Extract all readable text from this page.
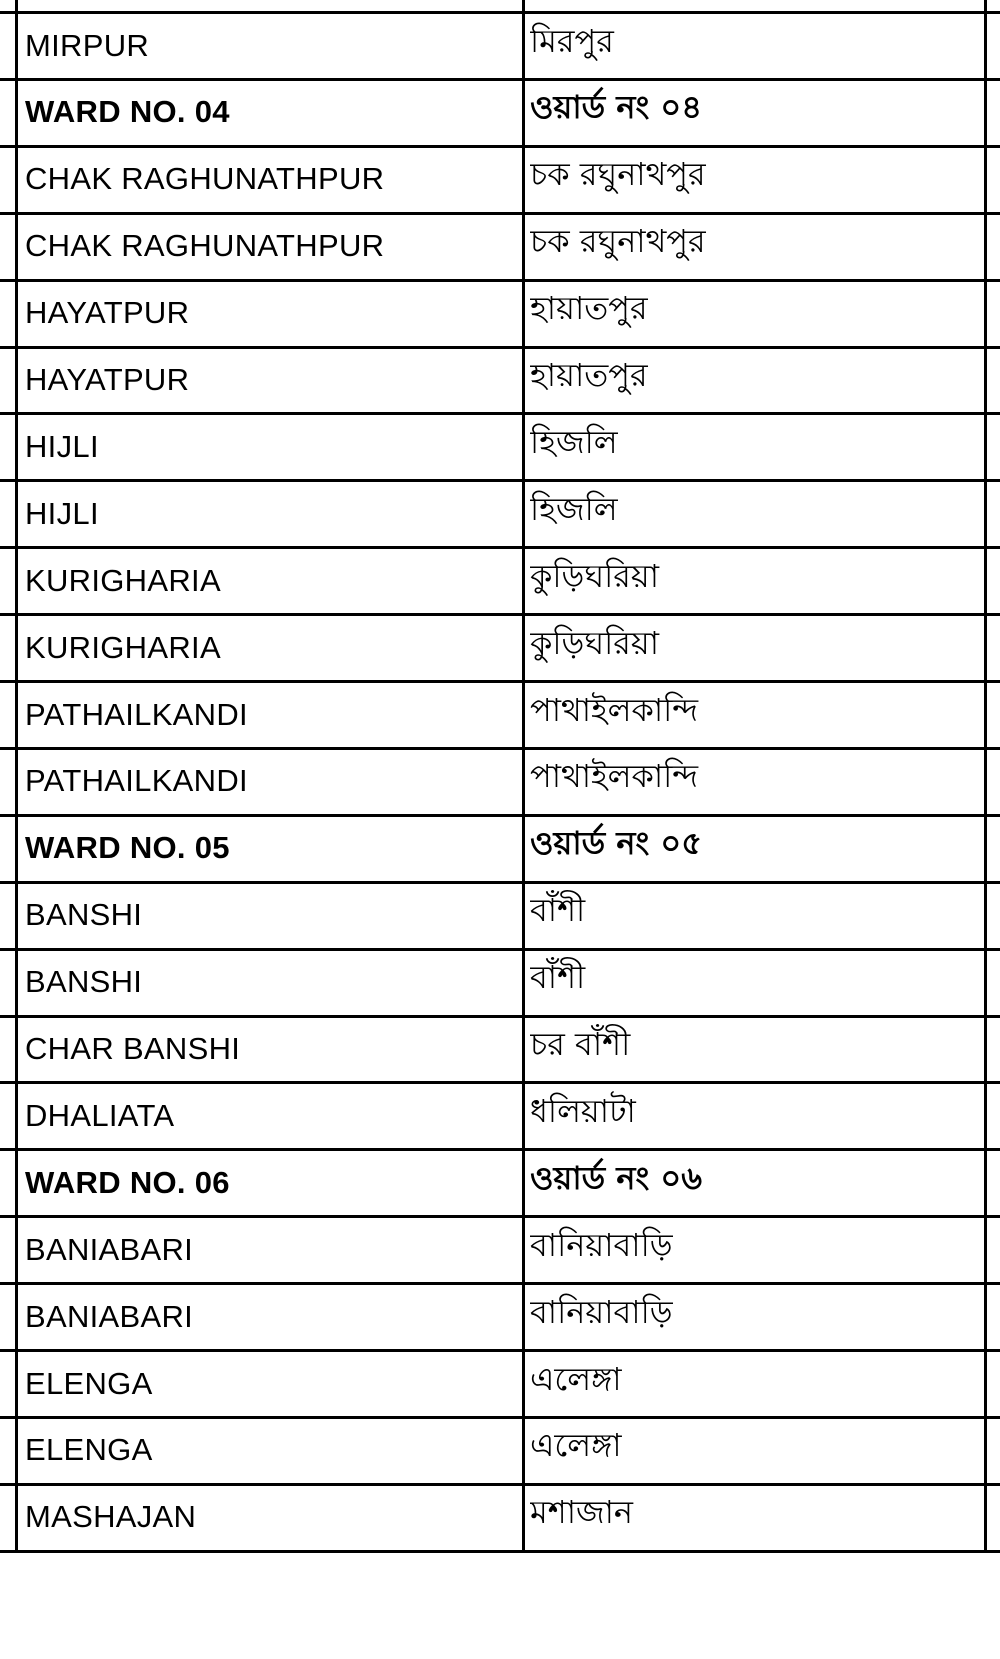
MIRPUR	মিরপুর
WARD NO. 04	ওয়ার্ড নং ০৪
CHAK RAGHUNATHPUR	চক রঘুনাথপুর
CHAK RAGHUNATHPUR	চক রঘুনাথপুর
HAYATPUR	হায়াতপুর
HAYATPUR	হায়াতপুর
HIJLI	হিজলি
HIJLI	হিজলি
KURIGHARIA	কুড়িঘরিয়া
KURIGHARIA	কুড়িঘরিয়া
PATHAILKANDI	পাথাইলকান্দি
PATHAILKANDI	পাথাইলকান্দি
WARD NO. 05	ওয়ার্ড নং ০৫
BANSHI	বাঁশী
BANSHI	বাঁশী
CHAR BANSHI	চর বাঁশী
DHALIATA	ধলিয়াটা
WARD NO. 06	ওয়ার্ড নং ০৬
BANIABARI	বানিয়াবাড়ি
BANIABARI	বানিয়াবাড়ি
ELENGA	এলেঙ্গা
ELENGA	এলেঙ্গা
MASHAJAN	মশাজান
